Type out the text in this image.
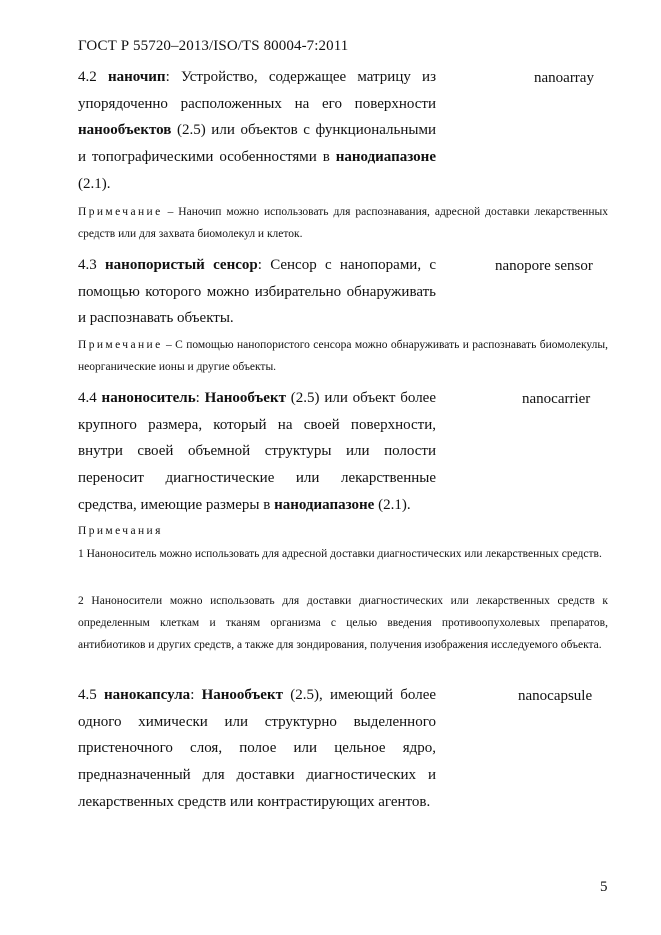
ГОСТ Р 55720–2013/ISO/TS 80004-7:2011
4.2 наночип: Устройство, содержащее матрицу из упорядоченно расположенных на его поверхности нанообъектов (2.5) или объектов с функциональными и топографическими особенностями в нанодиапазоне (2.1).
nanoarray
Примечание – Наночип можно использовать для распознавания, адресной доставки лекарственных средств или для захвата биомолекул и клеток.
4.3 нанопористый сенсор: Сенсор с нанопорами, с помощью которого можно избирательно обнаруживать и распознавать объекты.
nanopore sensor
Примечание – С помощью нанопористого сенсора можно обнаруживать и распознавать биомолекулы, неорганические ионы и другие объекты.
4.4 наноноситель: Нанообъект (2.5) или объект более крупного размера, который на своей поверхности, внутри своей объемной структуры или полости переносит диагностические или лекарственные средства, имеющие размеры в нанодиапазоне (2.1).
nanocarrier
Примечания
1 Наноноситель можно использовать для адресной доставки диагностических или лекарственных средств.
2 Наноносители можно использовать для доставки диагностических или лекарственных средств к определенным клеткам и тканям организма с целью введения противоопухолевых препаратов, антибиотиков и других средств, а также для зондирования, получения изображения исследуемого объекта.
4.5 нанокапсула: Нанообъект (2.5), имеющий более одного химически или структурно выделенного пристеночного слоя, полое или цельное ядро, предназначенный для доставки диагностических и лекарственных средств или контрастирующих агентов.
nanocapsule
5
